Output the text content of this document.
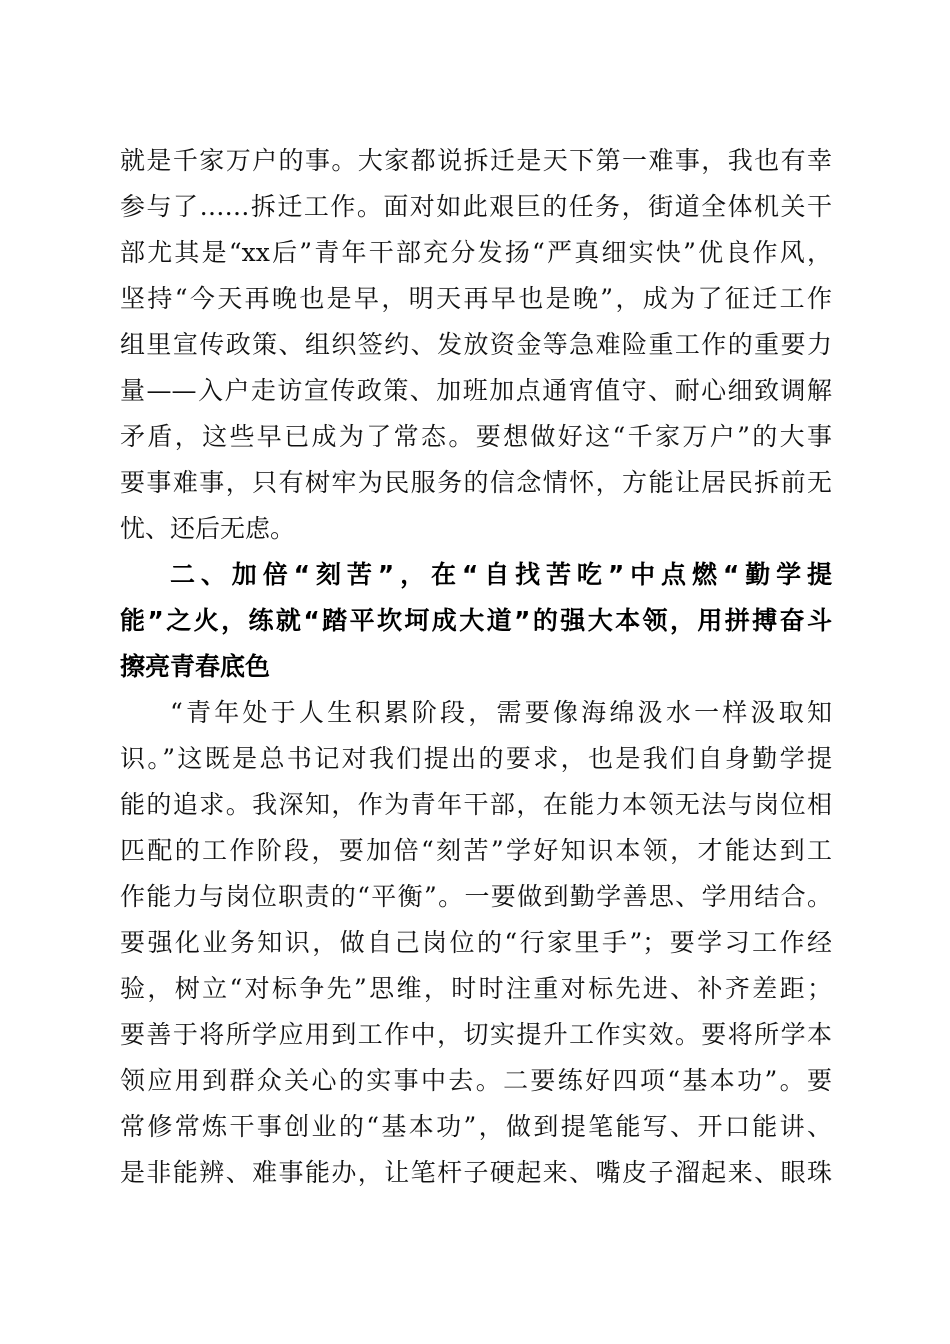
就是千家万户的事。大家都说拆迁是天下第一难事，我也有幸
参与了……拆迁工作。面对如此艰巨的任务，街道全体机关干
部尤其是“xx后”青年干部充分发扬“严真细实快”优良作风，
坚持“今天再晚也是早，明天再早也是晚”，成为了征迁工作
组里宣传政策、组织签约、发放资金等急难险重工作的重要力
量——入户走访宣传政策、加班加点通宵值守、耐心细致调解
矛盾，这些早已成为了常态。要想做好这“千家万户”的大事
要事难事，只有树牢为民服务的信念情怀，方能让居民拆前无
忧、还后无虑。
二、加倍“刻苦”，在“自找苦吃”中点燃“勤学提
能”之火，练就“踏平坎坷成大道”的强大本领，用拼搏奋斗
擦亮青春底色
“青年处于人生积累阶段，需要像海绵汲水一样汲取知
识。”这既是总书记对我们提出的要求，也是我们自身勤学提
能的追求。我深知，作为青年干部，在能力本领无法与岗位相
匹配的工作阶段，要加倍“刻苦”学好知识本领，才能达到工
作能力与岗位职责的“平衡”。一要做到勤学善思、学用结合。
要强化业务知识，做自己岗位的“行家里手”；要学习工作经
验，树立“对标争先”思维，时时注重对标先进、补齐差距；
要善于将所学应用到工作中，切实提升工作实效。要将所学本
领应用到群众关心的实事中去。二要练好四项“基本功”。要
常修常炼干事创业的“基本功”，做到提笔能写、开口能讲、
是非能辨、难事能办，让笔杆子硬起来、嘴皮子溜起来、眼珠
